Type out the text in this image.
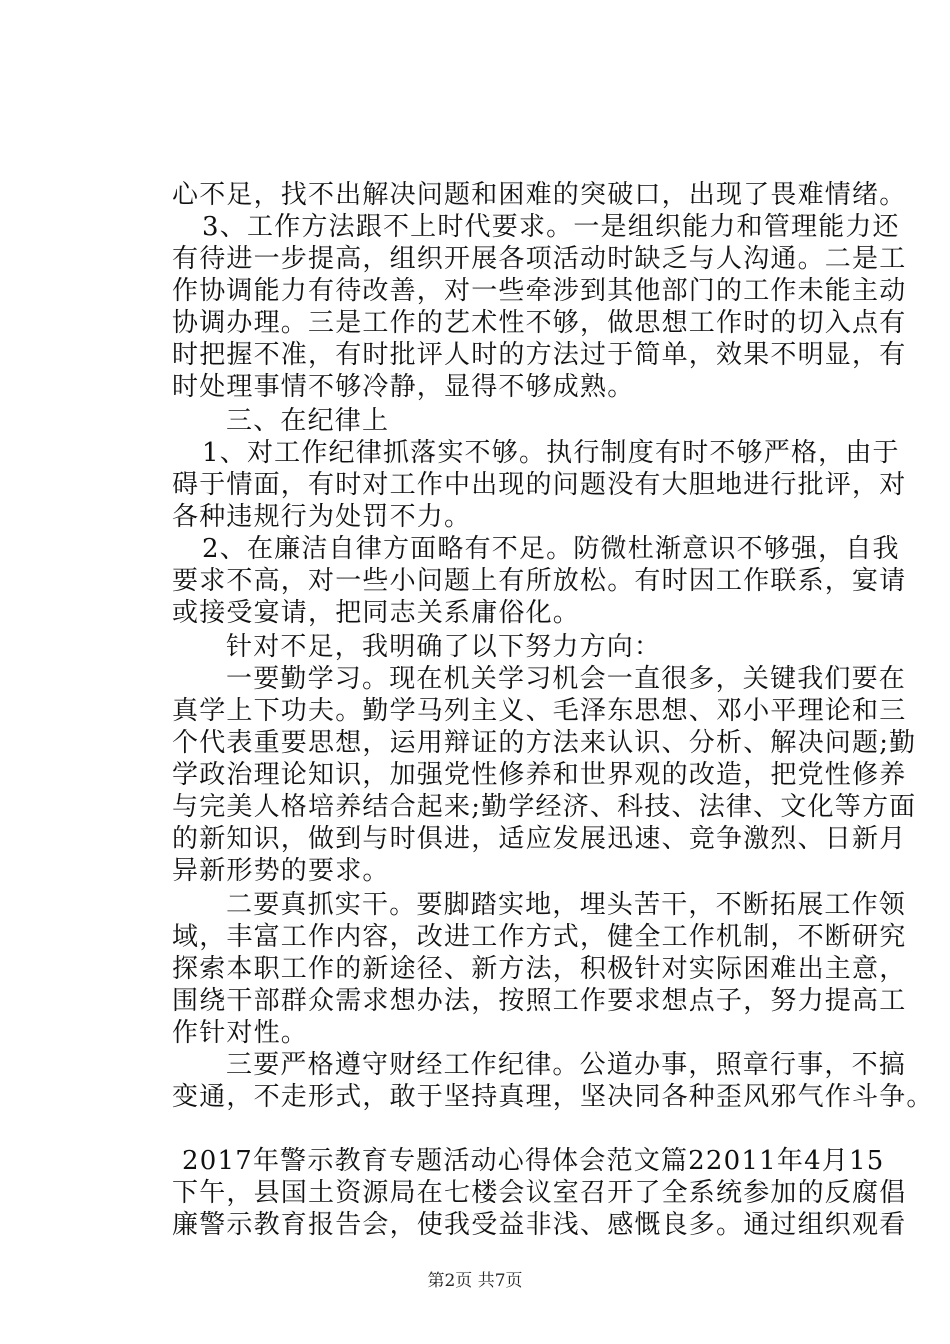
心不足，找不出解决问题和困难的突破口，出现了畏难情绪。
3、工作方法跟不上时代要求。一是组织能力和管理能力还
有待进一步提高，组织开展各项活动时缺乏与人沟通。二是工
作协调能力有待改善，对一些牵涉到其他部门的工作未能主动
协调办理。三是工作的艺术性不够，做思想工作时的切入点有
时把握不准，有时批评人时的方法过于简单，效果不明显，有
时处理事情不够冷静，显得不够成熟。
三、在纪律上
1、对工作纪律抓落实不够。执行制度有时不够严格，由于
碍于情面，有时对工作中出现的问题没有大胆地进行批评，对
各种违规行为处罚不力。
2、在廉洁自律方面略有不足。防微杜渐意识不够强，自我
要求不高，对一些小问题上有所放松。有时因工作联系，宴请
或接受宴请，把同志关系庸俗化。
针对不足，我明确了以下努力方向：
一要勤学习。现在机关学习机会一直很多，关键我们要在
真学上下功夫。勤学马列主义、毛泽东思想、邓小平理论和三
个代表重要思想，运用辩证的方法来认识、分析、解决问题;勤
学政治理论知识，加强党性修养和世界观的改造，把党性修养
与完美人格培养结合起来;勤学经济、科技、法律、文化等方面
的新知识，做到与时俱进，适应发展迅速、竞争激烈、日新月
异新形势的要求。
二要真抓实干。要脚踏实地，埋头苦干，不断拓展工作领
域，丰富工作内容，改进工作方式，健全工作机制，不断研究
探索本职工作的新途径、新方法，积极针对实际困难出主意，
围绕干部群众需求想办法，按照工作要求想点子，努力提高工
作针对性。
三要严格遵守财经工作纪律。公道办事，照章行事，不搞
变通，不走形式，敢于坚持真理，坚决同各种歪风邪气作斗争。
2017年警示教育专题活动心得体会范文篇22011年4月15
下午，县国土资源局在七楼会议室召开了全系统参加的反腐倡
廉警示教育报告会，使我受益非浅、感慨良多。通过组织观看
第2页 共7页
